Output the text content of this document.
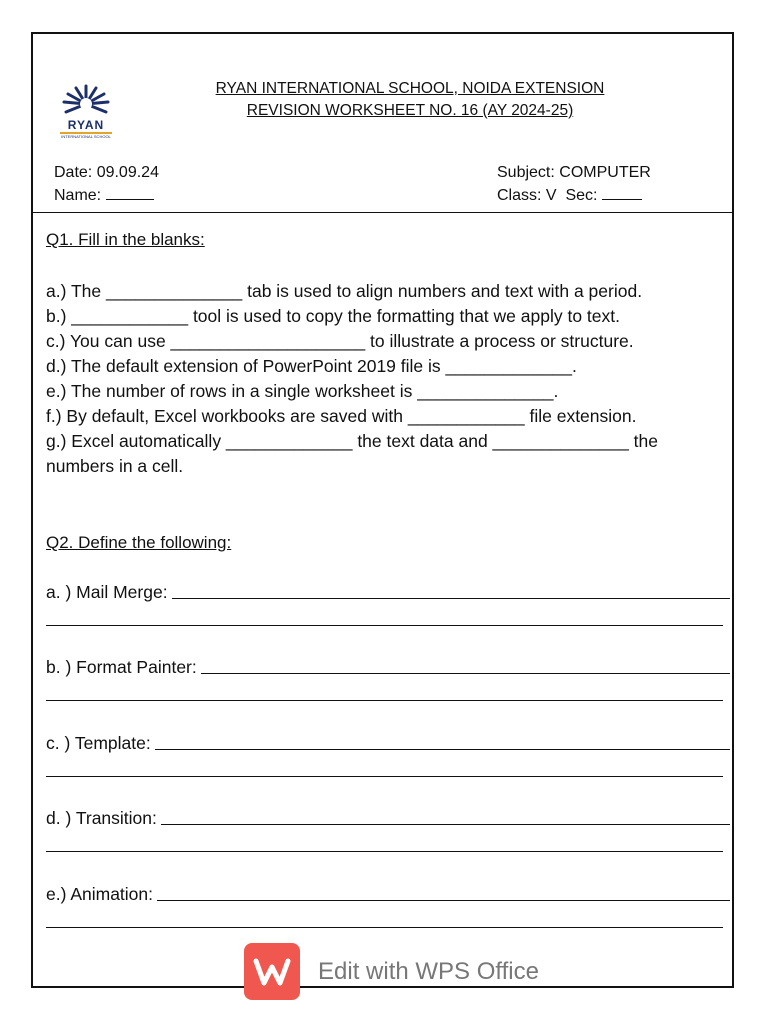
RYAN
INTERNATIONAL SCHOOL
RYAN INTERNATIONAL SCHOOL, NOIDA EXTENSION
REVISION WORKSHEET NO. 16 (AY 2024-25)
Date: 09.09.24
Name:
Subject: COMPUTER
Class: V Sec:
Q1. Fill in the blanks:
a.) The ______________ tab is used to align numbers and text with a period.
b.) ____________ tool is used to copy the formatting that we apply to text.
c.) You can use ____________________ to illustrate a process or structure.
d.) The default extension of PowerPoint 2019 file is _____________.
e.) The number of rows in a single worksheet is ______________.
f.) By default, Excel workbooks are saved with ____________ file extension.
g.) Excel automatically _____________ the text data and ______________ the
numbers in a cell.
Q2. Define the following:
a. ) Mail Merge:
b. ) Format Painter:
c. ) Template:
d. ) Transition:
e.) Animation:
Edit with WPS Office
